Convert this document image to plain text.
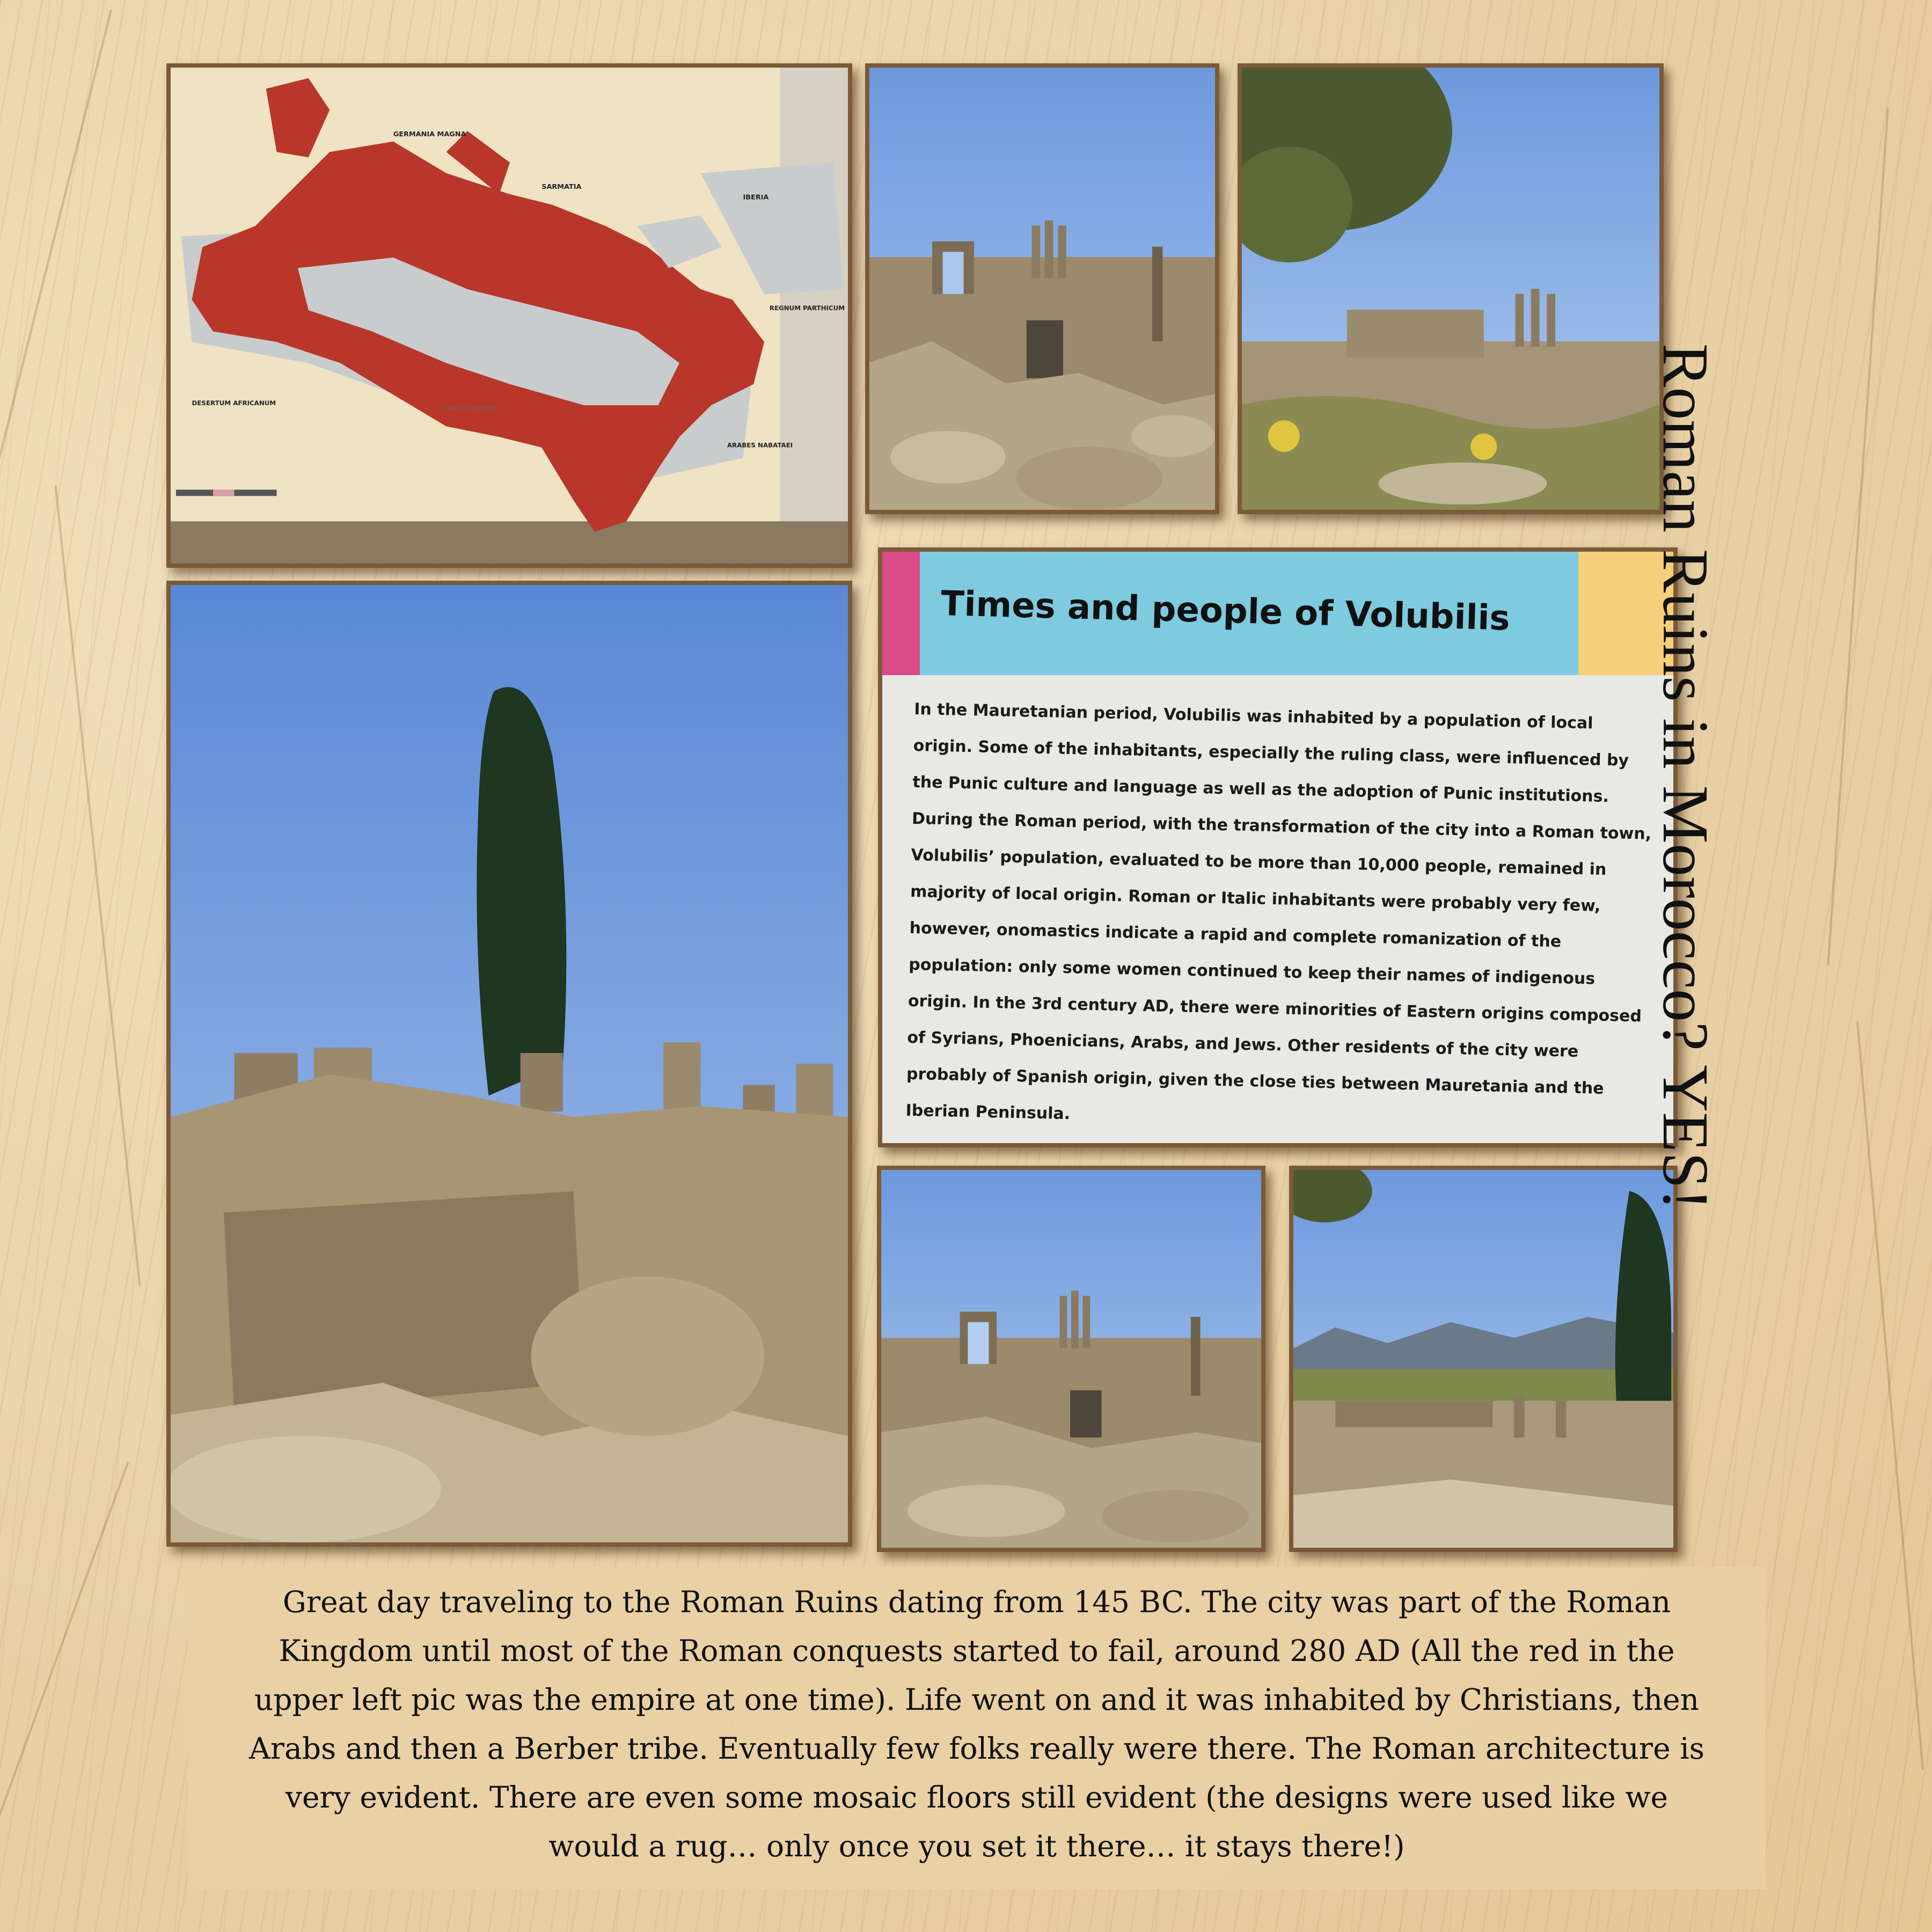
GERMANIA MAGNA
SARMATIA
IBERIA
REGNUM PARTHICUM
DESERTUM AFRICANUM
ARABES NABATAEI
Mare Internum
Times and people of Volubilis
In the Mauretanian period, Volubilis was inhabited by a population of local
origin. Some of the inhabitants, especially the ruling class, were influenced by
the Punic culture and language as well as the adoption of Punic institutions.
During the Roman period, with the transformation of the city into a Roman town,
Volubilis’ population, evaluated to be more than 10,000 people, remained in
majority of local origin. Roman or Italic inhabitants were probably very few,
however, onomastics indicate a rapid and complete romanization of the
population: only some women continued to keep their names of indigenous
origin. In the 3rd century AD, there were minorities of Eastern origins composed
of Syrians, Phoenicians, Arabs, and Jews. Other residents of the city were
probably of Spanish origin, given the close ties between Mauretania and the
Iberian Peninsula.	Roman Ruins in Morocco? YES!
Great day traveling to the Roman Ruins dating from 145 BC. The city was part of the Roman
Kingdom until most of the Roman conquests started to fail, around 280 AD (All the red in the
upper left pic was the empire at one time). Life went on and it was inhabited by Christians, then
Arabs and then a Berber tribe. Eventually few folks really were there. The Roman architecture is
very evident. There are even some mosaic floors still evident (the designs were used like we
would a rug… only once you set it there… it stays there!)
